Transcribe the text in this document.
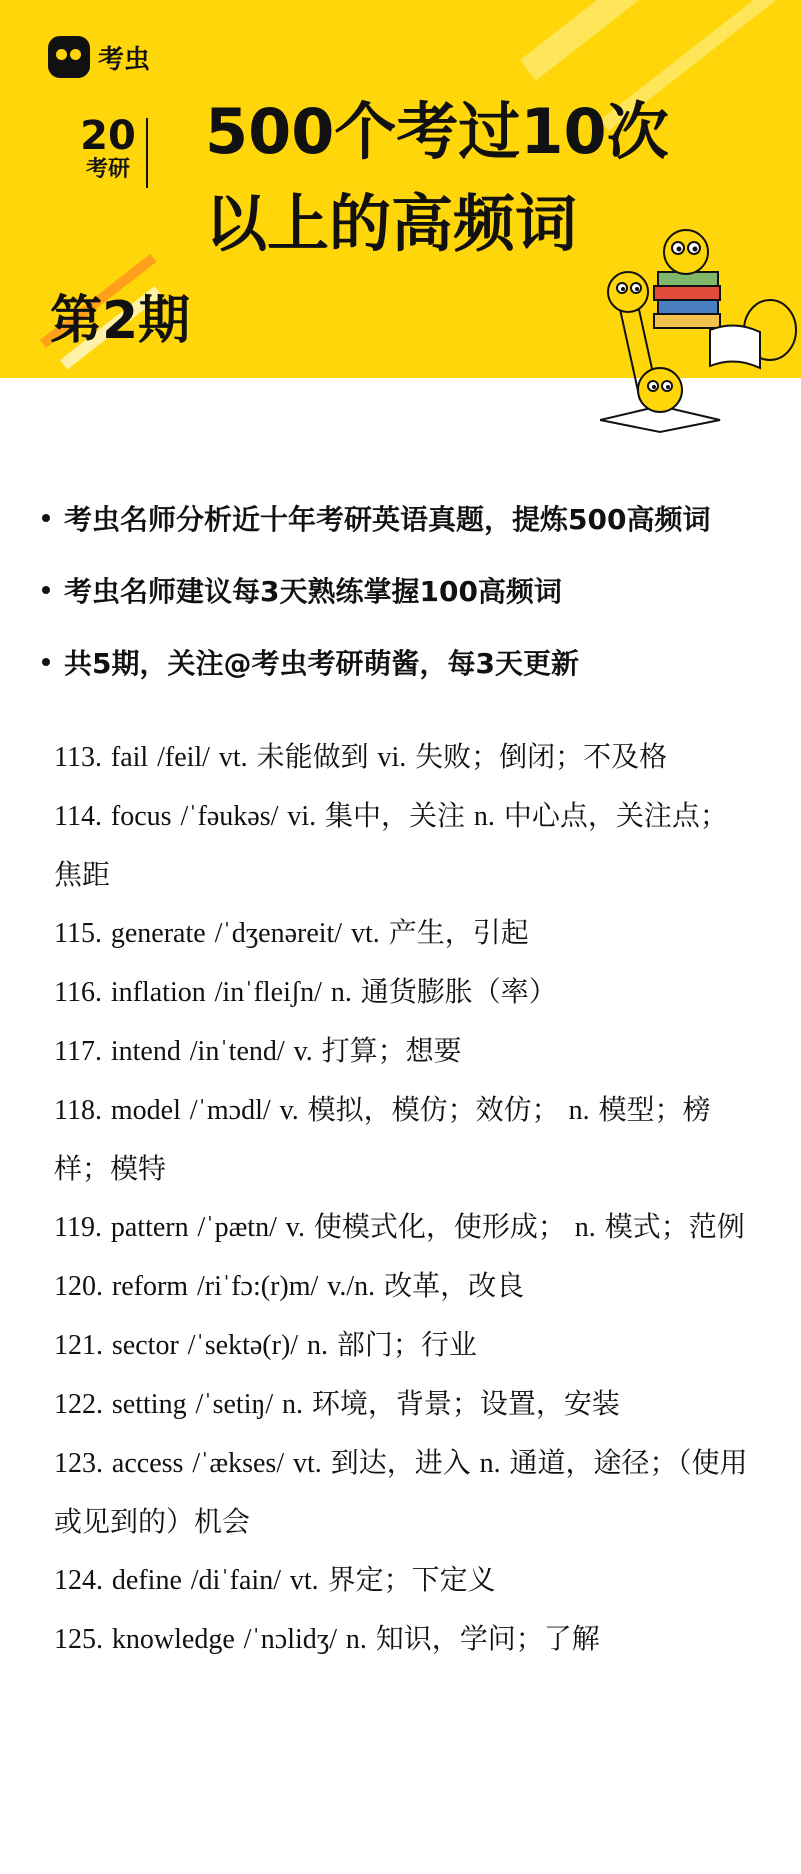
考虫
20
考研
500个考过10次
以上的高频词
第2期
考虫名师分析近十年考研英语真题，提炼500高频词
考虫名师建议每3天熟练掌握100高频词
共5期，关注@考虫考研萌酱，每3天更新
113. fail /feil/ vt. 未能做到 vi. 失败；倒闭；不及格
114. focus /ˈfəukəs/ vi. 集中，关注 n. 中心点，关注点；焦距
115. generate /ˈdʒenəreit/ vt. 产生，引起
116. inflation /inˈfleiʃn/ n. 通货膨胀（率）
117. intend /inˈtend/ v. 打算；想要
118. model /ˈmɔdl/ v. 模拟，模仿；效仿； n. 模型；榜样；模特
119. pattern /ˈpætn/ v. 使模式化，使形成； n. 模式；范例
120. reform /riˈfɔ:(r)m/ v./n. 改革，改良
121. sector /ˈsektə(r)/ n. 部门；行业
122. setting /ˈsetiŋ/ n. 环境，背景；设置，安装
123. access /ˈækses/ vt. 到达，进入 n. 通道，途径；（使用或见到的）机会
124. define /diˈfain/ vt. 界定；下定义
125. knowledge /ˈnɔlidʒ/ n. 知识，学问；了解
